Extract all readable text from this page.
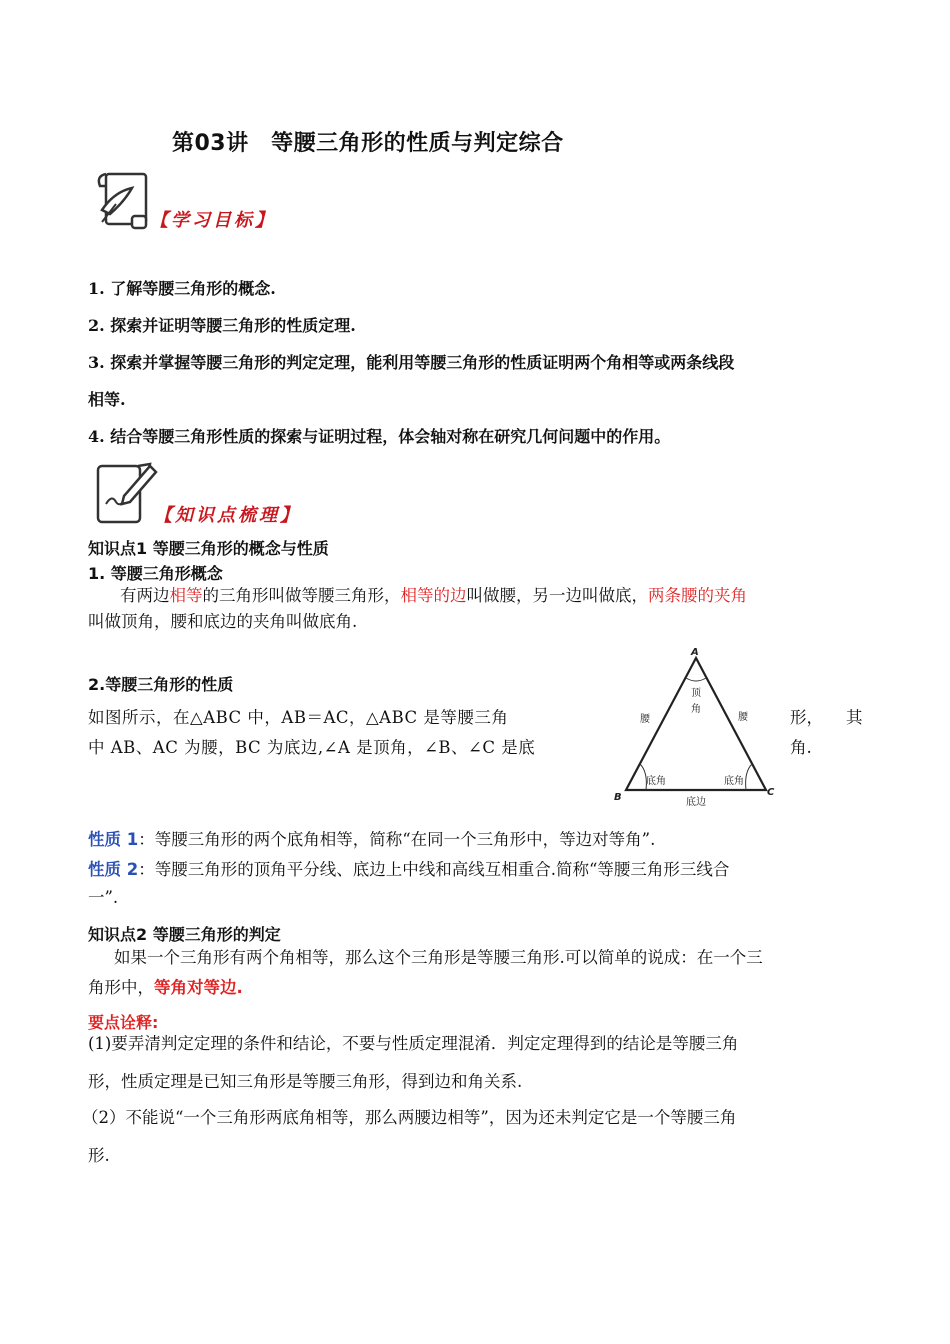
第03讲　等腰三角形的性质与判定综合
【学习目标】
1. 了解等腰三角形的概念.
2. 探索并证明等腰三角形的性质定理.
3. 探索并掌握等腰三角形的判定定理，能利用等腰三角形的性质证明两个角相等或两条线段
相等.
4. 结合等腰三角形性质的探索与证明过程，体会轴对称在研究几何问题中的作用。
【知识点梳理】
知识点1 等腰三角形的概念与性质
1. 等腰三角形概念
有两边相等的三角形叫做等腰三角形，相等的边叫做腰，另一边叫做底，两条腰的夹角
叫做顶角，腰和底边的夹角叫做底角.
2.等腰三角形的性质
如图所示，在△ABC 中，AB＝AC，△ABC 是等腰三角
中 AB、AC 为腰，BC 为底边,∠A 是顶角，∠B、∠C 是底
形， 其
角.
A
B	C
顶
角
腰	腰
底角	底角
底边
性质 1：等腰三角形的两个底角相等，简称“在同一个三角形中，等边对等角”.
性质 2：等腰三角形的顶角平分线、底边上中线和高线互相重合.简称“等腰三角形三线合
一”.
知识点2 等腰三角形的判定
如果一个三角形有两个角相等，那么这个三角形是等腰三角形.可以简单的说成：在一个三
角形中，等角对等边.
要点诠释:
(1)要弄清判定定理的条件和结论，不要与性质定理混淆．判定定理得到的结论是等腰三角
形，性质定理是已知三角形是等腰三角形，得到边和角关系.
（2）不能说“一个三角形两底角相等，那么两腰边相等”，因为还未判定它是一个等腰三角
形.
